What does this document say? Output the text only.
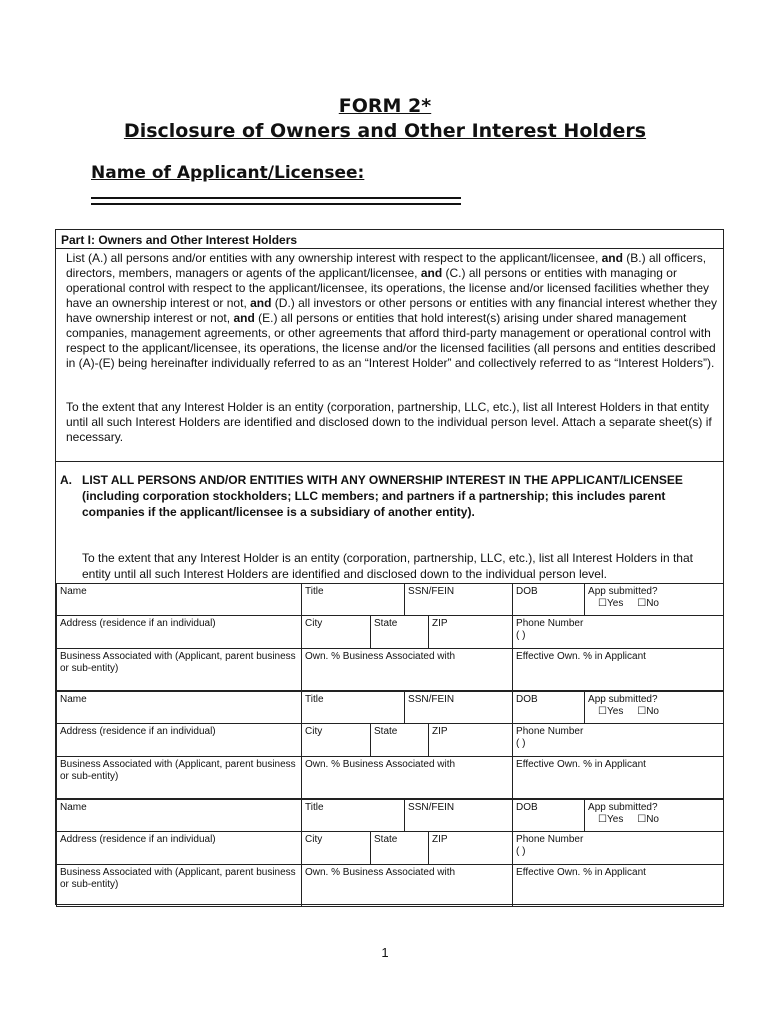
FORM 2*
Disclosure of Owners and Other Interest Holders
Name of Applicant/Licensee:
Part I: Owners and Other Interest Holders
List (A.) all persons and/or entities with any ownership interest with respect to the applicant/licensee, and (B.) all officers, directors, members, managers or agents of the applicant/licensee, and (C.) all persons or entities with managing or operational control with respect to the applicant/licensee, its operations, the license and/or licensed facilities whether they have an ownership interest or not, and (D.) all investors or other persons or entities with any financial interest whether they have ownership interest or not, and (E.) all persons or entities that hold interest(s) arising under shared management companies, management agreements, or other agreements that afford third-party management or operational control with respect to the applicant/licensee, its operations, the license and/or the licensed facilities (all persons and entities described in (A)-(E) being hereinafter individually referred to as an “Interest Holder” and collectively referred to as “Interest Holders”).
To the extent that any Interest Holder is an entity (corporation, partnership, LLC, etc.), list all Interest Holders in that entity until all such Interest Holders are identified and disclosed down to the individual person level. Attach a separate sheet(s) if necessary.
A. LIST ALL PERSONS AND/OR ENTITIES WITH ANY OWNERSHIP INTEREST IN THE APPLICANT/LICENSEE (including corporation stockholders; LLC members; and partners if a partnership; this includes parent companies if the applicant/licensee is a subsidiary of another entity).
To the extent that any Interest Holder is an entity (corporation, partnership, LLC, etc.), list all Interest Holders in that entity until all such Interest Holders are identified and disclosed down to the individual person level.
Name	Title		SSN/FEIN		DOB	App submitted?
☐Yes ☐No

Address (residence if an individual)	City	State		ZIP	Phone Number
( )	

Business Associated with (Applicant, parent business or sub-entity)	Own. % Business Associated with				Effective Own. % in Applicant	
Name	Title		SSN/FEIN		DOB	App submitted?
☐Yes ☐No

Address (residence if an individual)	City	State		ZIP	Phone Number
( )	

Business Associated with (Applicant, parent business or sub-entity)	Own. % Business Associated with				Effective Own. % in Applicant	
Name	Title		SSN/FEIN		DOB	App submitted?
☐Yes ☐No

Address (residence if an individual)	City	State		ZIP	Phone Number
( )	

Business Associated with (Applicant, parent business or sub-entity)	Own. % Business Associated with				Effective Own. % in Applicant	
1
